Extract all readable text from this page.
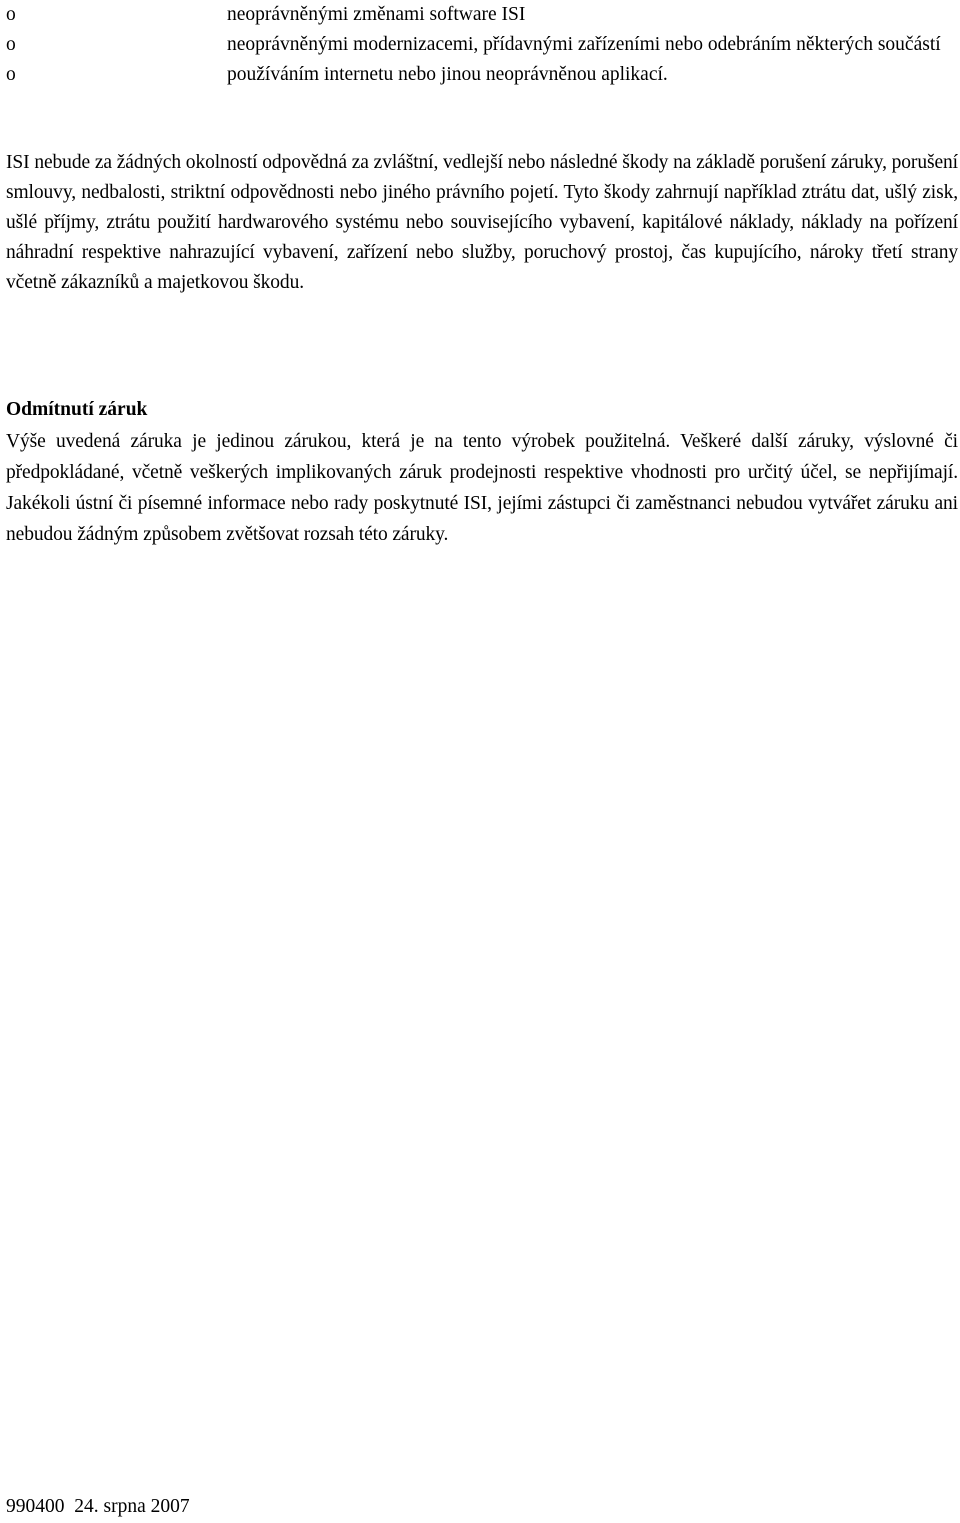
o	neoprávněnými změnami software ISI
o	neoprávněnými modernizacemi, přídavnými zařízeními nebo odebráním některých součástí
o	používáním internetu nebo jinou neoprávněnou aplikací.

ISI nebude za žádných okolností odpovědná za zvláštní, vedlejší nebo následné škody na základě porušení záruky, porušení smlouvy, nedbalosti, striktní odpovědnosti nebo jiného právního pojetí. Tyto škody zahrnují například ztrátu dat, ušlý zisk, ušlé příjmy, ztrátu použití hardwarového systému nebo souvisejícího vybavení, kapitálové náklady, náklady na pořízení náhradní respektive nahrazující vybavení, zařízení nebo služby, poruchový prostoj, čas kupujícího, nároky třetí strany včetně zákazníků a majetkovou škodu.

Odmítnutí záruk

Výše uvedená záruka je jedinou zárukou, která je na tento výrobek použitelná. Veškeré další záruky, výslovné či předpokládané, včetně veškerých implikovaných záruk prodejnosti respektive vhodnosti pro určitý účel, se nepřijímají. Jakékoli ústní či písemné informace nebo rady poskytnuté ISI, jejími zástupci či zaměstnanci nebudou vytvářet záruku ani nebudou žádným způsobem zvětšovat rozsah této záruky.

990400 24. srpna 2007
